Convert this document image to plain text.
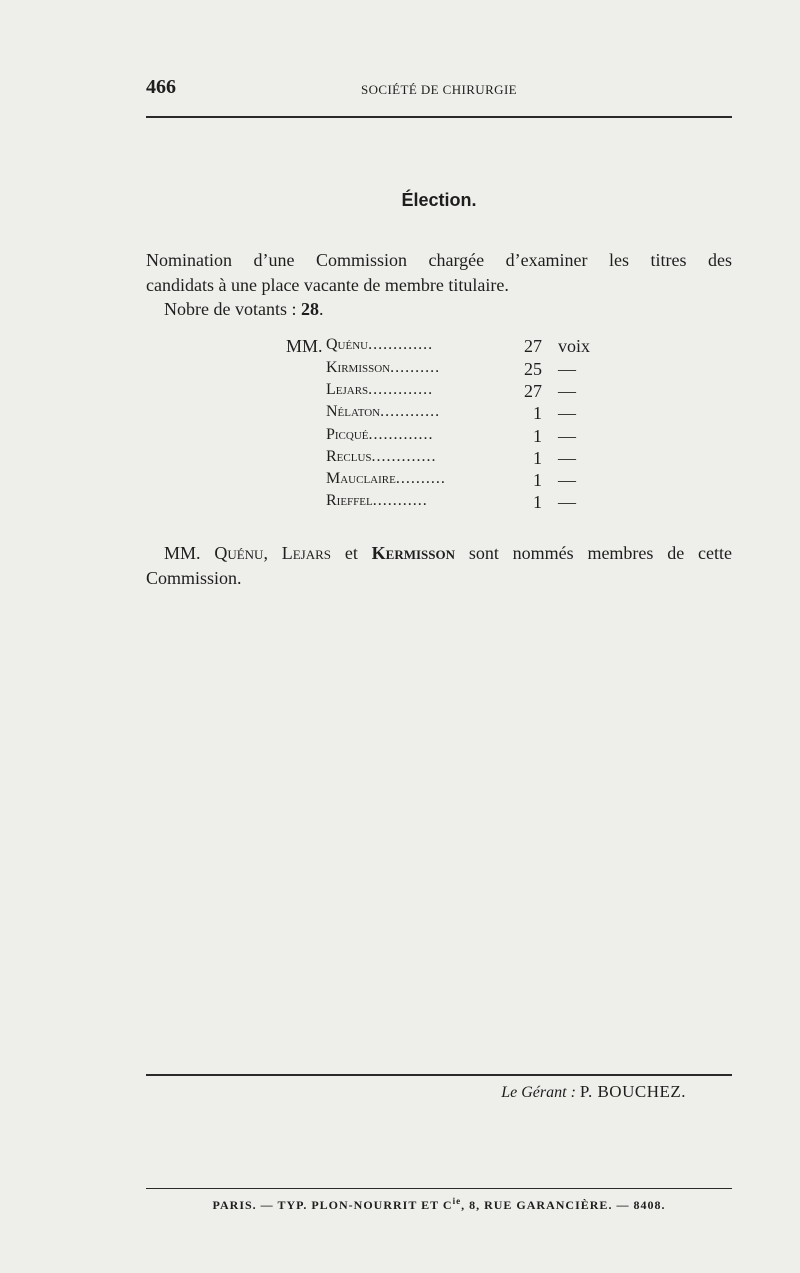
466	SOCIÉTÉ DE CHIRURGIE
Élection.
Nomination d’une Commission chargée d’examiner les titres des
candidats à une place vacante de membre titulaire.
Nobre de votants : 28.
MM. Quénu.............	27 voix
Kirmisson..........	25 —
Lejars.............	27 —
Nélaton............	1 —
Picqué.............	1 —
Reclus.............	1 —
Mauclaire..........	1 —
Rieffel...........	1 —
MM. Quénu, Lejars et Kermisson sont nommés membres de cette
Commission.
Le Gérant : P. BOUCHEZ.
PARIS. — TYP. PLON-NOURRIT ET $C^{ie}$, 8, RUE GARANCIÈRE. — 8408.
